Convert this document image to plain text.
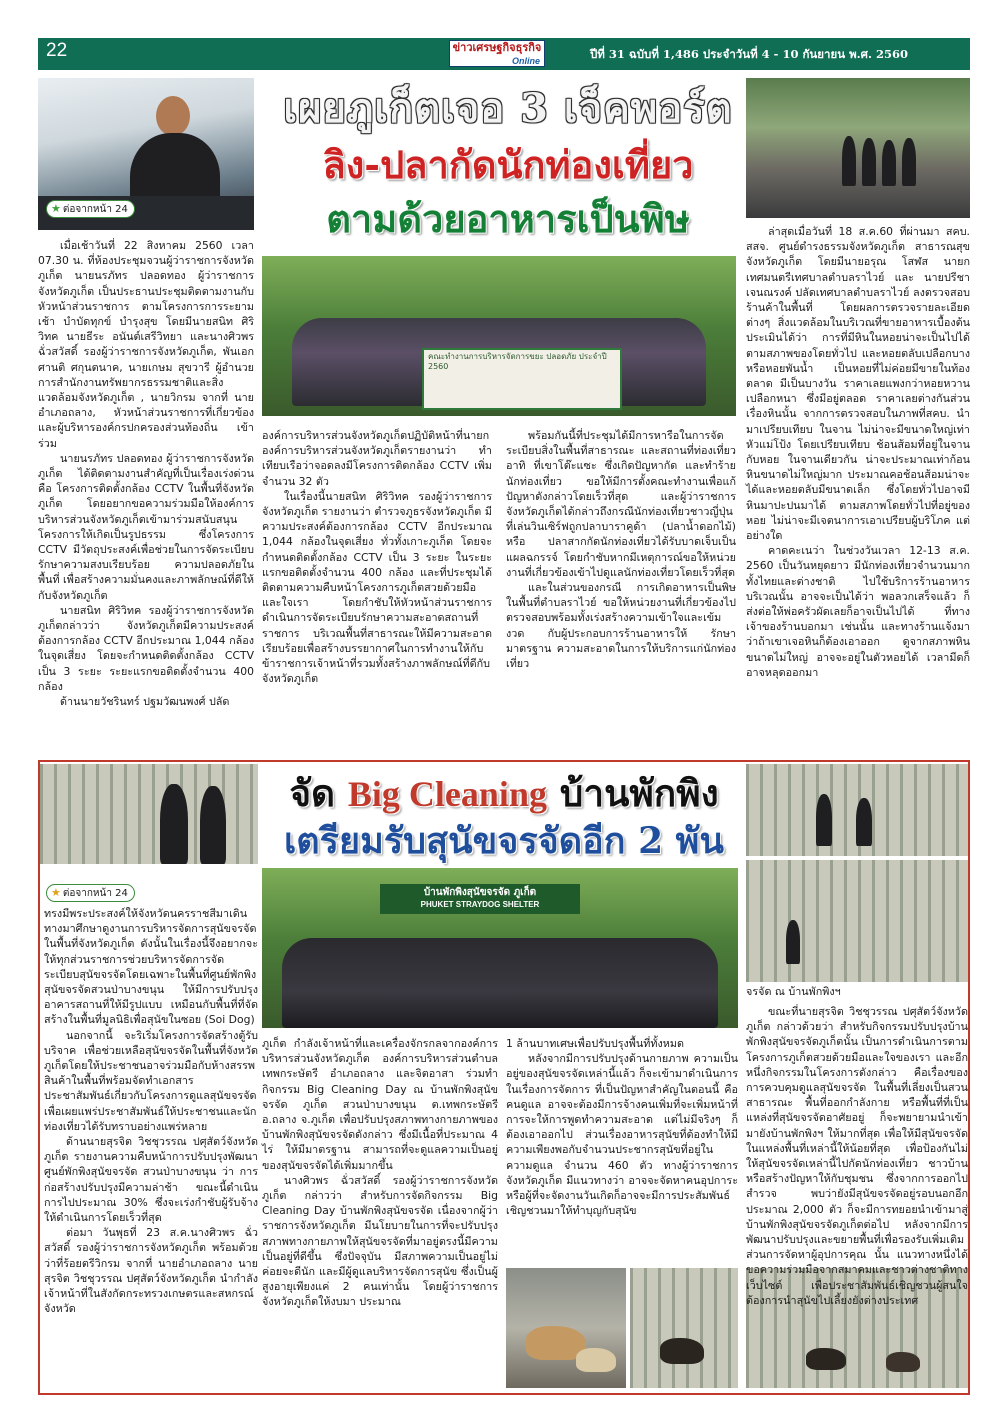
22	ข่าวเศรษฐกิจธุรกิจ
Online	ปีที่ 31 ฉบับที่ 1,486 ประจำวันที่ 4 - 10 กันยายน พ.ศ. 2560
★ ต่อจากหน้า 24
เผยภูเก็ตเจอ 3 เจ็คพอร์ต
ลิง-ปลากัดนักท่องเที่ยว
ตามด้วยอาหารเป็นพิษ

เมื่อเช้าวันที่ 22 สิงหาคม 2560 เวลา 07.30 น. ที่ห้องประชุมจวนผู้ว่าราชการจังหวัดภูเก็ต นายนรภัทร ปลอดทอง ผู้ว่าราชการจังหวัดภูเก็ต เป็นประธานประชุมติดตามงานกับหัวหน้าส่วนราชการ ตามโครงการการระยามเช้า บำบัดทุกข์ บำรุงสุข โดยมีนายสนิท ศิริวิทค นายธีระ อนันต์เสรีวิทยา และนางศิวพร ฉั่วสวัสดิ์ รองผู้ว่าราชการจังหวัดภูเก็ต, พันเอก ศานติ ศกุนตนาค, นายเกษม สุขวารี ผู้อำนวยการสำนักงานทรัพยากรธรรมชาติและสิ่งแวดล้อมจังหวัดภูเก็ต , นายวิกรม จากที่ นายอำเภอถลาง, หัวหน้าส่วนราชการที่เกี่ยวข้อง และผู้บริหารองค์กรปกครองส่วนท้องถิ่น เข้าร่วม

นายนรภัทร ปลอดทอง ผู้ว่าราชการจังหวัดภูเก็ต ได้ติดตามงานสำคัญที่เป็นเรื่องเร่งด่วน คือ โครงการติดตั้งกล้อง CCTV ในพื้นที่จังหวัดภูเก็ต โดยอยากขอความร่วมมือให้องค์การบริหารส่วนจังหวัดภูเก็ตเข้ามาร่วมสนับสนุนโครงการให้เกิดเป็นรูปธรรม ซึ่งโครงการ CCTV มีวัตถุประสงค์เพื่อช่วยในการจัดระเบียบรักษาความสงบเรียบร้อย ความปลอดภัยในพื้นที่ เพื่อสร้างความมั่นคงและภาพลักษณ์ที่ดีให้กับจังหวัดภูเก็ต

นายสนิท ศิริวิทค รองผู้ว่าราชการจังหวัดภูเก็ตกล่าวว่า จังหวัดภูเก็ตมีความประสงค์ต้องการกล้อง CCTV อีกประมาณ 1,044 กล้อง ในจุดเสี่ยง โดยจะกำหนดติดตั้งกล้อง CCTV เป็น 3 ระยะ ระยะแรกขอติดตั้งจำนวน 400 กล้อง

ด้านนายวัชรินทร์ ปฐมวัฒนพงศ์ ปลัด

คณะทำงานการบริหารจัดการขยะ ปลอดภัย ประจำปี 2560

องค์การบริหารส่วนจังหวัดภูเก็ตปฏิบัติหน้าที่นายกองค์การบริหารส่วนจังหวัดภูเก็ตรายงานว่า ทำเทียบเรือว่าจอดลงมีโครงการติดกล้อง CCTV เพิ่มจำนวน 32 ตัว

ในเรื่องนี้นายสนิท ศิริวิทค รองผู้ว่าราชการจังหวัดภูเก็ต รายงานว่า ตำรวจภูธรจังหวัดภูเก็ต มีความประสงค์ต้องการกล้อง CCTV อีกประมาณ 1,044 กล้องในจุดเสี่ยง ทั่วทั้งเกาะภูเก็ต โดยจะกำหนดติดตั้งกล้อง CCTV เป็น 3 ระยะ ในระยะแรกขอติดตั้งจำนวน 400 กล้อง และที่ประชุมได้ติดตามความคืบหน้าโครงการภูเก็ตสวยด้วยมือและใจเรา โดยกำชับให้หัวหน้าส่วนราชการดำเนินการจัดระเบียบรักษาความสะอาดสถานที่ราชการ บริเวณพื้นที่สาธารณะให้มีความสะอาดเรียบร้อยเพื่อสร้างบรรยากาศในการทำงานให้กับข้าราชการเจ้าหน้าที่รวมทั้งสร้างภาพลักษณ์ที่ดีกับจังหวัดภูเก็ต

พร้อมกันนี้ที่ประชุมได้มีการหารือในการจัดระเบียบสิ่งในพื้นที่สาธารณะ และสถานที่ท่องเที่ยว อาทิ ที่เขาโต๊ะแซะ ซึ่งเกิดปัญหากัด และทำร้ายนักท่องเที่ยว ขอให้มีการตั้งคณะทำงานเพื่อแก้ปัญหาดังกล่าวโดยเร็วที่สุด และผู้ว่าราชการจังหวัดภูเก็ตได้กล่าวถึงกรณีนักท่องเที่ยวชาวญี่ปุ่นที่เล่นวินเซิร์ฟถูกปลาบาราคูด้า (ปลาน้ำดอกไม้) หรือ ปลาสากกัดนักท่องเที่ยวได้รับบาดเจ็บเป็นแผลฉกรรจ์ โดยกำชับหากมีเหตุการณ์ขอให้หน่วยงานที่เกี่ยวข้องเข้าไปดูแลนักท่องเที่ยวโดยเร็วที่สุด

และในส่วนของกรณี การเกิดอาหารเป็นพิษในพื้นที่ตำบลราไวย์ ขอให้หน่วยงานที่เกี่ยวข้องไปตรวจสอบพร้อมทั้งเร่งสร้างความเข้าใจและเข้มงวด กับผู้ประกอบการร้านอาหารให้ รักษามาตรฐาน ความสะอาดในการให้บริการแก่นักท่องเที่ยว

ล่าสุดเมื่อวันที่ 18 ส.ค.60 ที่ผ่านมา สคบ. สสจ. ศูนย์ดำรงธรรมจังหวัดภูเก็ต สาธารณสุขจังหวัดภูเก็ต โดยมีนายอรุณ โสฬส นายกเทศมนตรีเทศบาลตำบลราไวย์ และ นายปรีชา เจนณรงค์ ปลัดเทศบาลตำบลราไวย์ ลงตรวจสอบร้านค้าในพื้นที่ โดยผลการตรวจรายละเอียดต่างๆ สิ่งแวดล้อมในบริเวณที่ขายอาหารเบื้องต้น ประเมินได้ว่า การที่มีหินในหอยน่าจะเป็นไปได้ตามสภาพของโดยทั่วไป และหอยตลับเปลือกบางหรือหอยพันน้ำ เป็นหอยที่ไม่ค่อยมีขายในท้องตลาด มีเป็นบางวัน ราคาเลยแพงกว่าหอยหวานเปลือกหนา ซึ่งมีอยู่ตลอด ราคาเลยต่างกันส่วนเรื่องหินนั้น จากการตรวจสอบในภาพที่สคบ. นำมาเปรียบเทียบ ในจาน ไม่น่าจะมีขนาดใหญ่เท่าหัวแม่โป้ง โดยเปรียบเทียบ ช้อนส้อมที่อยู่ในจานกับหอย ในจานเดียวกัน น่าจะประมาณเท่าก้อนหินขนาดไม่ใหญ่มาก ประมาณคอช้อนส้อมน่าจะได้และหอยตลับมีขนาดเล็ก ซึ่งโดยทั่วไปอาจมีหินมาปะปนมาได้ ตามสภาพโดยทั่วไปที่อยู่ของหอย ไม่น่าจะมีเจตนาการเอาเปรียบผู้บริโภค แต่อย่างใด

คาดคะเนว่า ในช่วงวันเวลา 12-13 ส.ค. 2560 เป็นวันหยุดยาว มีนักท่องเที่ยวจำนวนมากทั้งไทยและต่างชาติ ไปใช้บริการร้านอาหารบริเวณนั้น อาจจะเป็นได้ว่า พอลวกเสร็จแล้ว ก็ส่งต่อให้พ่อครัวผัดเลยก็อาจเป็นไปได้ ที่ทางเจ้าของร้านบอกมา เช่นนั้น และทางร้านแจ้งมาว่าถ้าเขาเจอหินก็ต้องเอาออก ดูจากสภาพหินขนาดไม่ใหญ่ อาจจะอยู่ในตัวหอยได้ เวลามีดก็อาจหลุดออกมา

★ ต่อจากหน้า 24
จัด Big Cleaning บ้านพักพิง
เตรียมรับสุนัขจรจัดอีก 2 พัน
บ้านพักพิงสุนัขจรจัด ภูเก็ต
PHUKET STRAYDOG SHELTER
จรจัด ณ บ้านพักพิงฯ

ทรงมีพระประสงค์ให้จังหวัดนครราชสีมาเดินทางมาศึกษาดูงานการบริหารจัดการสุนัขจรจัดในพื้นที่จังหวัดภูเก็ต ดังนั้นในเรื่องนี้จึงอยากจะให้ทุกส่วนราชการช่วยบริหารจัดการจัดระเบียบสุนัขจรจัดโดยเฉพาะในพื้นที่ศูนย์พักพิงสุนัขจรจัดสวนป่าบางขนุน ให้มีการปรับปรุงอาคารสถานที่ให้มีรูปแบบ เหมือนกับพื้นที่ที่จัดสร้างในพื้นที่มูลนิธิเพื่อสุนัขในซอย (Soi Dog)

นอกจากนี้ จะริเริ่มโครงการจัดสร้างตู้รับบริจาค เพื่อช่วยเหลือสุนัขจรจัดในพื้นที่จังหวัดภูเก็ตโดยให้ประชาชนอาจร่วมมือกับห้างสรรพสินค้าในพื้นที่พร้อมจัดทำเอกสารประชาสัมพันธ์เกี่ยวกับโครงการดูแลสุนัขจรจัดเพื่อเผยแพร่ประชาสัมพันธ์ให้ประชาชนและนักท่องเที่ยวได้รับทราบอย่างแพร่หลาย

ด้านนายสุรจิต วิชชุวรรณ ปศุสัตว์จังหวัดภูเก็ต รายงานความคืบหน้าการปรับปรุงพัฒนาศูนย์พักพิงสุนัขจรจัด สวนป่าบางขนุน ว่า การก่อสร้างปรับปรุงมีความล่าช้า ขณะนี้ดำเนินการไปประมาณ 30% ซึ่งจะเร่งกำชับผู้รับจ้างให้ดำเนินการโดยเร็วที่สุด

ต่อมา วันพุธที่ 23 ส.ค.นางศิวพร ฉั่วสวัสดิ์ รองผู้ว่าราชการจังหวัดภูเก็ต พร้อมด้วยว่าที่ร้อยตรีวิกรม จากที่ นายอำเภอถลาง นายสุรจิต วิชชุวรรณ ปศุสัตว์จังหวัดภูเก็ต นำกำลังเจ้าหน้าที่ในสังกัดกระทรวงเกษตรและสหกรณ์จังหวัด

ภูเก็ต กำลังเจ้าหน้าที่และเครื่องจักรกลจากองค์การบริหารส่วนจังหวัดภูเก็ต องค์การบริหารส่วนตำบลเทพกระษัตรี อำเภอถลาง และจิตอาสา ร่วมทำกิจกรรม Big Cleaning Day ณ บ้านพักพิงสุนัขจรจัด ภูเก็ต สวนป่าบางขนุน ต.เทพกระษัตรี อ.ถลาง จ.ภูเก็ต เพื่อปรับปรุงสภาพทางกายภาพของบ้านพักพิงสุนัขจรจัดดังกล่าว ซึ่งมีเนื้อที่ประมาณ 4 ไร่ ให้มีมาตรฐาน สามารถที่จะดูแลความเป็นอยู่ของสุนัขจรจัดได้เพิ่มมากขึ้น

นางศิวพร ฉั่วสวัสดิ์ รองผู้ว่าราชการจังหวัดภูเก็ต กล่าวว่า สำหรับการจัดกิจกรรม Big Cleaning Day บ้านพักพิงสุนัขจรจัด เนื่องจากผู้ว่าราชการจังหวัดภูเก็ต มีนโยบายในการที่จะปรับปรุงสภาพทางกายภาพให้สุนัขจรจัดที่มาอยู่ตรงนี้มีความเป็นอยู่ที่ดีขึ้น ซึ่งปัจจุบัน มีสภาพความเป็นอยู่ไม่ค่อยจะดีนัก และมีผู้ดูแลบริหารจัดการสุนัข ซึ่งเป็นผู้สูงอายุเพียงแค่ 2 คนเท่านั้น โดยผู้ว่าราชการจังหวัดภูเก็ตให้งบมา ประมาณ

1 ล้านบาทเศษเพื่อปรับปรุงพื้นที่ทั้งหมด

หลังจากมีการปรับปรุงด้านกายภาพ ความเป็นอยู่ของสุนัขจรจัดเหล่านี้แล้ว ก็จะเข้ามาดำเนินการในเรื่องการจัดการ ที่เป็นปัญหาสำคัญในตอนนี้ คือคนดูแล อาจจะต้องมีการจ้างคนเพิ่มที่จะเพิ่มหน้าที่การจะให้การพูดทำความสะอาด แต่ไม่มีจริงๆ ก็ต้องเอาออกไป ส่วนเรื่องอาหารสุนัขที่ต้องทำให้มีความเพียงพอกับจำนวนประชากรสุนัขที่อยู่ในความดูแล จำนวน 460 ตัว ทางผู้ว่าราชการจังหวัดภูเก็ต มีแนวทางว่า อาจจะจัดหาคนอุปการะ หรือผู้ที่จะจัดงานวันเกิดก็อาจจะมีการประสัมพันธ์เชิญชวนมาให้ทำบุญกับสุนัข

ขณะที่นายสุรจิต วิชชุวรรณ ปศุสัตว์จังหวัดภูเก็ต กล่าวด้วยว่า สำหรับกิจกรรมปรับปรุงบ้านพักพิงสุนัขจรจัดภูเก็ตนั้น เป็นการดำเนินการตามโครงการภูเก็ตสวยด้วยมือและใจของเรา และอีกหนึ่งกิจกรรมในโครงการดังกล่าว คือเรื่องของการควบคุมดูแลสุนัขจรจัด ในพื้นที่เลี่ยงเป็นสวนสาธารณะ พื้นที่ออกกำลังกาย หรือพื้นที่ที่เป็นแหล่งที่สุนัขจรจัดอาศัยอยู่ ก็จะพยายามนำเข้ามายังบ้านพักพิงฯ ให้มากที่สุด เพื่อให้มีสุนัขจรจัดในแหล่งพื้นที่เหล่านี้ให้น้อยที่สุด เพื่อป้องกันไม่ให้สุนัขจรจัดเหล่านี้ไปกัดนักท่องเที่ยว ชาวบ้าน หรือสร้างปัญหาให้กับชุมชน ซึ่งจากการออกไปสำรวจ พบว่ายังมีสุนัขจรจัดอยู่รอบนอกอีกประมาณ 2,000 ตัว ก็จะมีการทยอยนำเข้ามาสู่บ้านพักพิงสุนัขจรจัดภูเก็ตต่อไป หลังจากมีการพัฒนาปรับปรุงและขยายพื้นที่เพื่อรองรับเพิ่มเติม ส่วนการจัดหาผู้อุปการคุณ นั้น แนวทางหนึ่งได้ขอความร่วมมือจากสมาคมและชาวต่างชาติทางเว็บไซต์ เพื่อประชาสัมพันธ์เชิญชวนผู้สนใจต้องการนำสุนัขไปเลี้ยงยังต่างประเทศ
